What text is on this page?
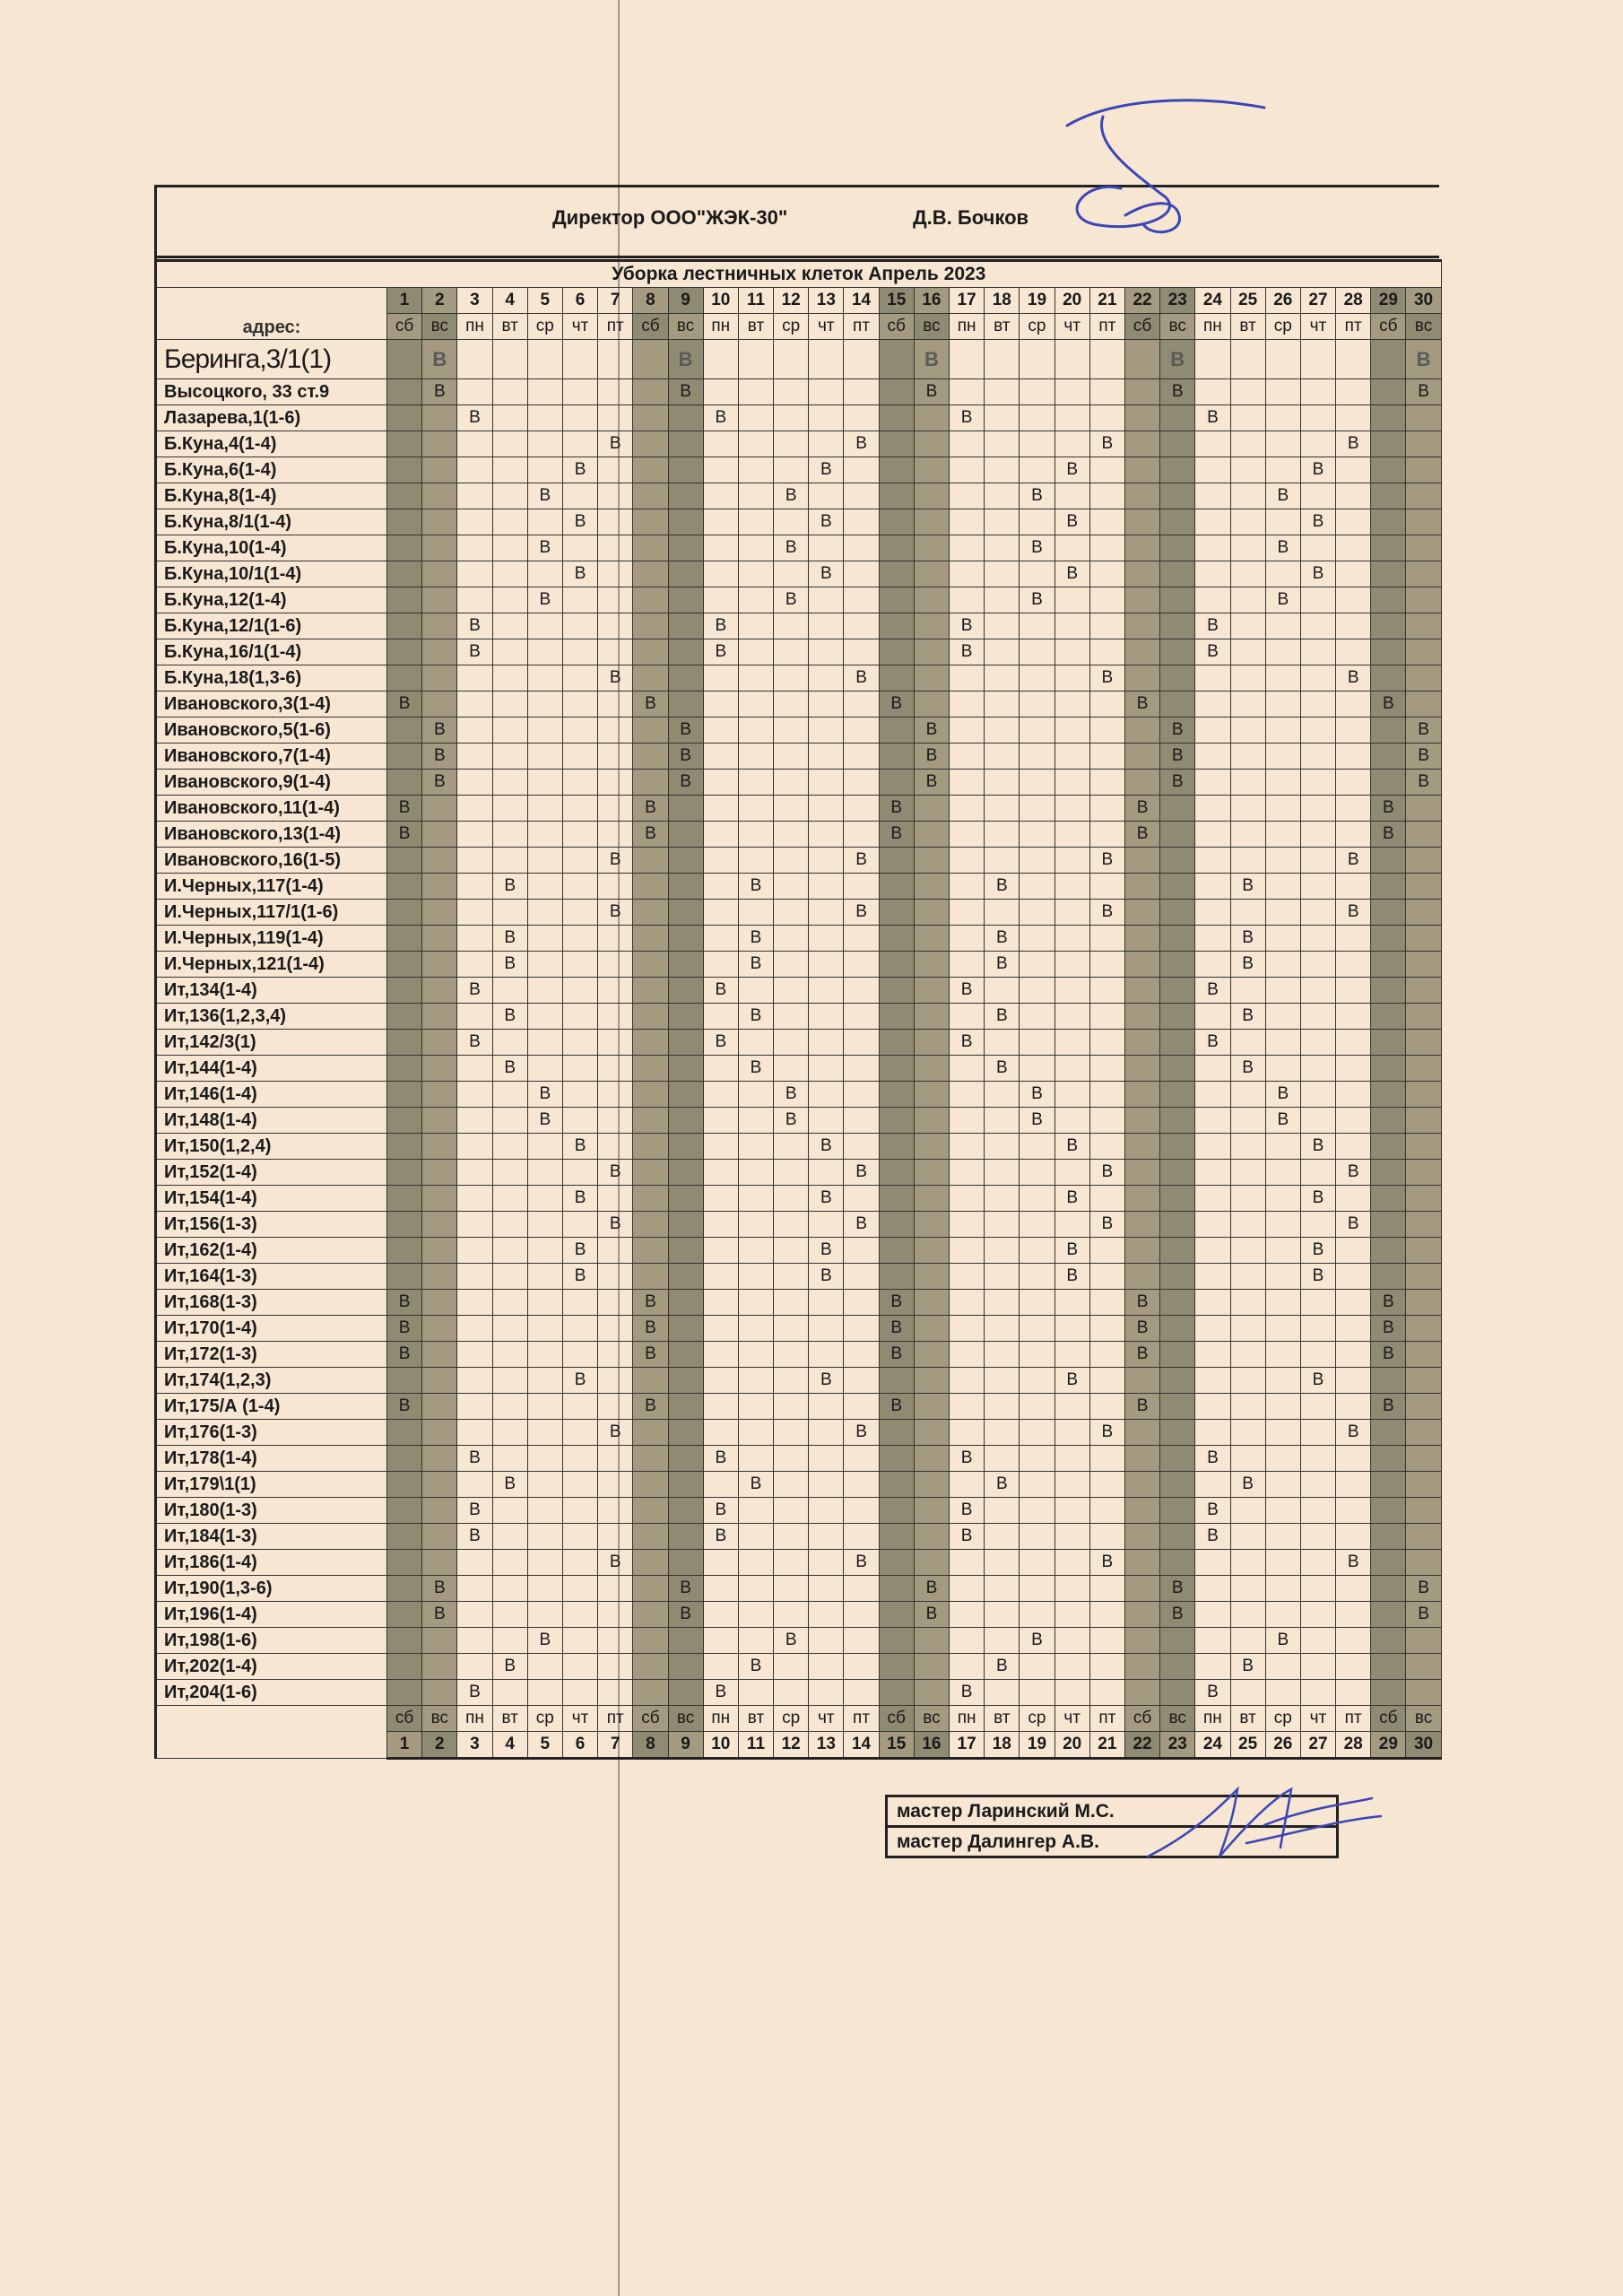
Директор ООО"ЖЭК-30"	Д.В. Бочков
Уборка лестничных клеток Апрель 2023																														
адрес:	1	2	3	4	5	6	7	8	9	10	11	12	13	14	15	16	17	18	19	20	21	22	23	24	25	26	27	28	29	30
	сб	вс	пн	вт	ср	чт	пт	сб	вс	пн	вт	ср	чт	пт	сб	вс	пн	вт	ср	чт	пт	сб	вс	пн	вт	ср	чт	пт	сб	вс
Беринга,3/1(1)		В							В							В							В							В
Высоцкого, 33 ст.9		В							В							В							В							В
Лазарева,1(1-6)			В							В							В							В						
Б.Куна,4(1-4)							В							В							В							В		
Б.Куна,6(1-4)						В							В							В							В			
Б.Куна,8(1-4)					В							В							В							В				
Б.Куна,8/1(1-4)						В							В							В							В			
Б.Куна,10(1-4)					В							В							В							В				
Б.Куна,10/1(1-4)						В							В							В							В			
Б.Куна,12(1-4)					В							В							В							В				
Б.Куна,12/1(1-6)			В							В							В							В						
Б.Куна,16/1(1-4)			В							В							В							В						
Б.Куна,18(1,3-6)							В							В							В							В		
Ивановского,3(1-4)	В							В							В							В							В	
Ивановского,5(1-6)		В							В							В							В							В
Ивановского,7(1-4)		В							В							В							В							В
Ивановского,9(1-4)		В							В							В							В							В
Ивановского,11(1-4)	В							В							В							В							В	
Ивановского,13(1-4)	В							В							В							В							В	
Ивановского,16(1-5)							В							В							В							В		
И.Черных,117(1-4)				В							В							В							В					
И.Черных,117/1(1-6)							В							В							В							В		
И.Черных,119(1-4)				В							В							В							В					
И.Черных,121(1-4)				В							В							В							В					
Ит,134(1-4)			В							В							В							В						
Ит,136(1,2,3,4)				В							В							В							В					
Ит,142/3(1)			В							В							В							В						
Ит,144(1-4)				В							В							В							В					
Ит,146(1-4)					В							В							В							В				
Ит,148(1-4)					В							В							В							В				
Ит,150(1,2,4)						В							В							В							В			
Ит,152(1-4)							В							В							В							В		
Ит,154(1-4)						В							В							В							В			
Ит,156(1-3)							В							В							В							В		
Ит,162(1-4)						В							В							В							В			
Ит,164(1-3)						В							В							В							В			
Ит,168(1-3)	В							В							В							В							В	
Ит,170(1-4)	В							В							В							В							В	
Ит,172(1-3)	В							В							В							В							В	
Ит,174(1,2,3)						В							В							В							В			
Ит,175/А (1-4)	В							В							В							В							В	
Ит,176(1-3)							В							В							В							В		
Ит,178(1-4)			В							В							В							В						
Ит,179\1(1)				В							В							В							В					
Ит,180(1-3)			В							В							В							В						
Ит,184(1-3)			В							В							В							В						
Ит,186(1-4)							В							В							В							В		
Ит,190(1,3-6)		В							В							В							В							В
Ит,196(1-4)		В							В							В							В							В
Ит,198(1-6)					В							В							В							В				
Ит,202(1-4)				В							В							В							В					
Ит,204(1-6)			В							В							В							В						
	сб	вс	пн	вт	ср	чт	пт	сб	вс	пн	вт	ср	чт	пт	сб	вс	пн	вт	ср	чт	пт	сб	вс	пн	вт	ср	чт	пт	сб	вс
	1	2	3	4	5	6	7	8	9	10	11	12	13	14	15	16	17	18	19	20	21	22	23	24	25	26	27	28	29	30
мастер Ларинский М.С.
мастер Далингер А.В.
